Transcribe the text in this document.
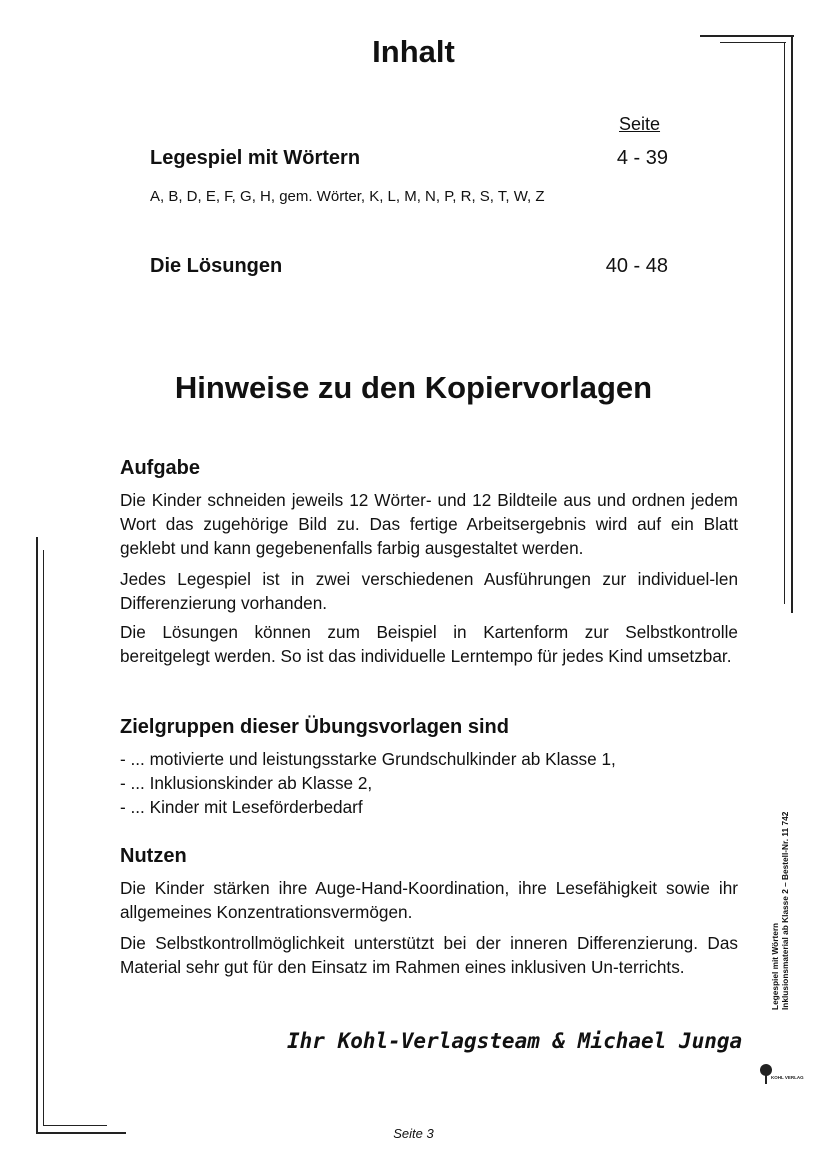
Inhalt
Seite
Legespiel mit Wörtern	4 - 39
A, B, D, E, F, G, H, gem. Wörter, K, L, M, N, P, R, S, T, W, Z
Die Lösungen	40 - 48
Hinweise zu den Kopiervorlagen
Aufgabe
Die Kinder schneiden jeweils 12 Wörter- und 12 Bildteile aus und ordnen jedem Wort das zugehörige Bild zu. Das fertige Arbeitsergebnis wird auf ein Blatt geklebt und kann gegebenenfalls farbig ausgestaltet werden.
Jedes Legespiel ist in zwei verschiedenen Ausführungen zur individuel-len Differenzierung vorhanden.
Die Lösungen können zum Beispiel in Kartenform zur Selbstkontrolle bereitgelegt werden. So ist das individuelle Lerntempo für jedes Kind umsetzbar.
Zielgruppen dieser Übungsvorlagen sind
- ... motivierte und leistungsstarke Grundschulkinder ab Klasse 1,
- ... Inklusionskinder ab Klasse 2,
- ... Kinder mit Leseförderbedarf
Nutzen
Die Kinder stärken ihre Auge-Hand-Koordination, ihre Lesefähigkeit sowie ihr allgemeines Konzentrationsvermögen.
Die Selbstkontrollmöglichkeit unterstützt bei der inneren Differenzierung. Das Material sehr gut für den Einsatz im Rahmen eines inklusiven Un-terrichts.
Ihr Kohl-Verlagsteam & Michael Junga
Seite 3
Legespiel mit Wörtern Inklusionsmaterial ab Klasse 2 – Bestell-Nr. 11 742
KOHL VERLAG
